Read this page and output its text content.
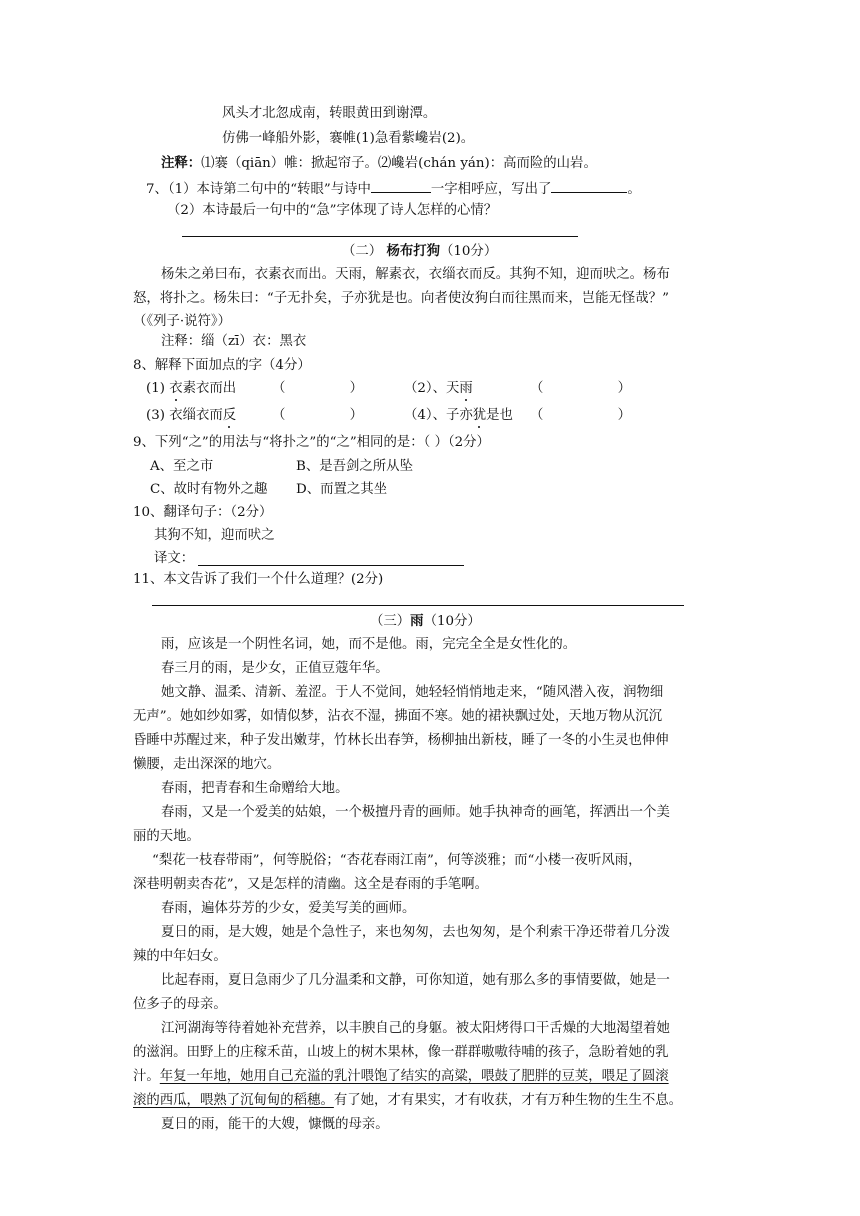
风头才北忽成南，转眼黄田到谢潭。

仿佛一峰船外影，褰帷(1)急看紫巉岩(2)。

注释：⑴褰（qiān）帷：掀起帘子。⑵巉岩(chán yán)：高而险的山岩。

7、（1）本诗第二句中的“转眼”与诗中	一字相呼应，写出了	。

（2）本诗最后一句中的“急”字体现了诗人怎样的心情？

（二） 杨布打狗（10分）

杨朱之弟曰布，衣素衣而出。天雨，解素衣，衣缁衣而反。其狗不知，迎而吠之。杨布

怒，将扑之。杨朱曰：“子无扑矣，子亦犹是也。向者使汝狗白而往黑而来，岂能无怪哉？”

（《列子·说符》）

注释：缁（zī）衣：黑衣

8、解释下面加点的字（4分）

(1) 衣素衣而出	（ ）	（2）、天雨	（ ）

(3) 衣缁衣而反	（ ）	（4）、子亦犹是也 （ ）

9、下列“之”的用法与“将扑之”的“之”相同的是：（ ）（2分）

A、至之市	B、是吾剑之所从坠

C、故时有物外之趣 D、而置之其坐

10、翻译句子：（2分）

其狗不知，迎而吠之

译文：

11、本文告诉了我们一个什么道理？(2分)

（三）雨（10分）

雨，应该是一个阴性名词，她，而不是他。雨，完完全全是女性化的。

春三月的雨，是少女，正值豆蔻年华。

她文静、温柔、清新、羞涩。于人不觉间，她轻轻悄悄地走来，“随风潜入夜，润物细

无声”。她如纱如雾，如情似梦，沾衣不湿，拂面不寒。她的裙袂飘过处，天地万物从沉沉

昏睡中苏醒过来，种子发出嫩芽，竹林长出春笋，杨柳抽出新枝，睡了一冬的小生灵也伸伸

懒腰，走出深深的地穴。

春雨，把青春和生命赠给大地。

春雨，又是一个爱美的姑娘，一个极擅丹青的画师。她手执神奇的画笔，挥洒出一个美

丽的天地。

“梨花一枝春带雨”，何等脱俗；“杏花春雨江南”，何等淡雅；而“小楼一夜听风雨，

深巷明朝卖杏花”，又是怎样的清幽。这全是春雨的手笔啊。

春雨，遍体芬芳的少女，爱美写美的画师。

夏日的雨，是大嫂，她是个急性子，来也匆匆，去也匆匆，是个利索干净还带着几分泼

辣的中年妇女。

比起春雨，夏日急雨少了几分温柔和文静，可你知道，她有那么多的事情要做，她是一

位多子的母亲。

江河湖海等待着她补充营养，以丰腴自己的身躯。被太阳烤得口干舌燥的大地渴望着她

的滋润。田野上的庄稼禾苗，山坡上的树木果林，像一群群嗷嗷待哺的孩子，急盼着她的乳

汁。年复一年地，她用自己充溢的乳汁喂饱了结实的高粱，喂鼓了肥胖的豆荚，喂足了圆滚

滚的西瓜，喂熟了沉甸甸的稻穗。有了她，才有果实，才有收获，才有万种生物的生生不息。

夏日的雨，能干的大嫂，慷慨的母亲。
